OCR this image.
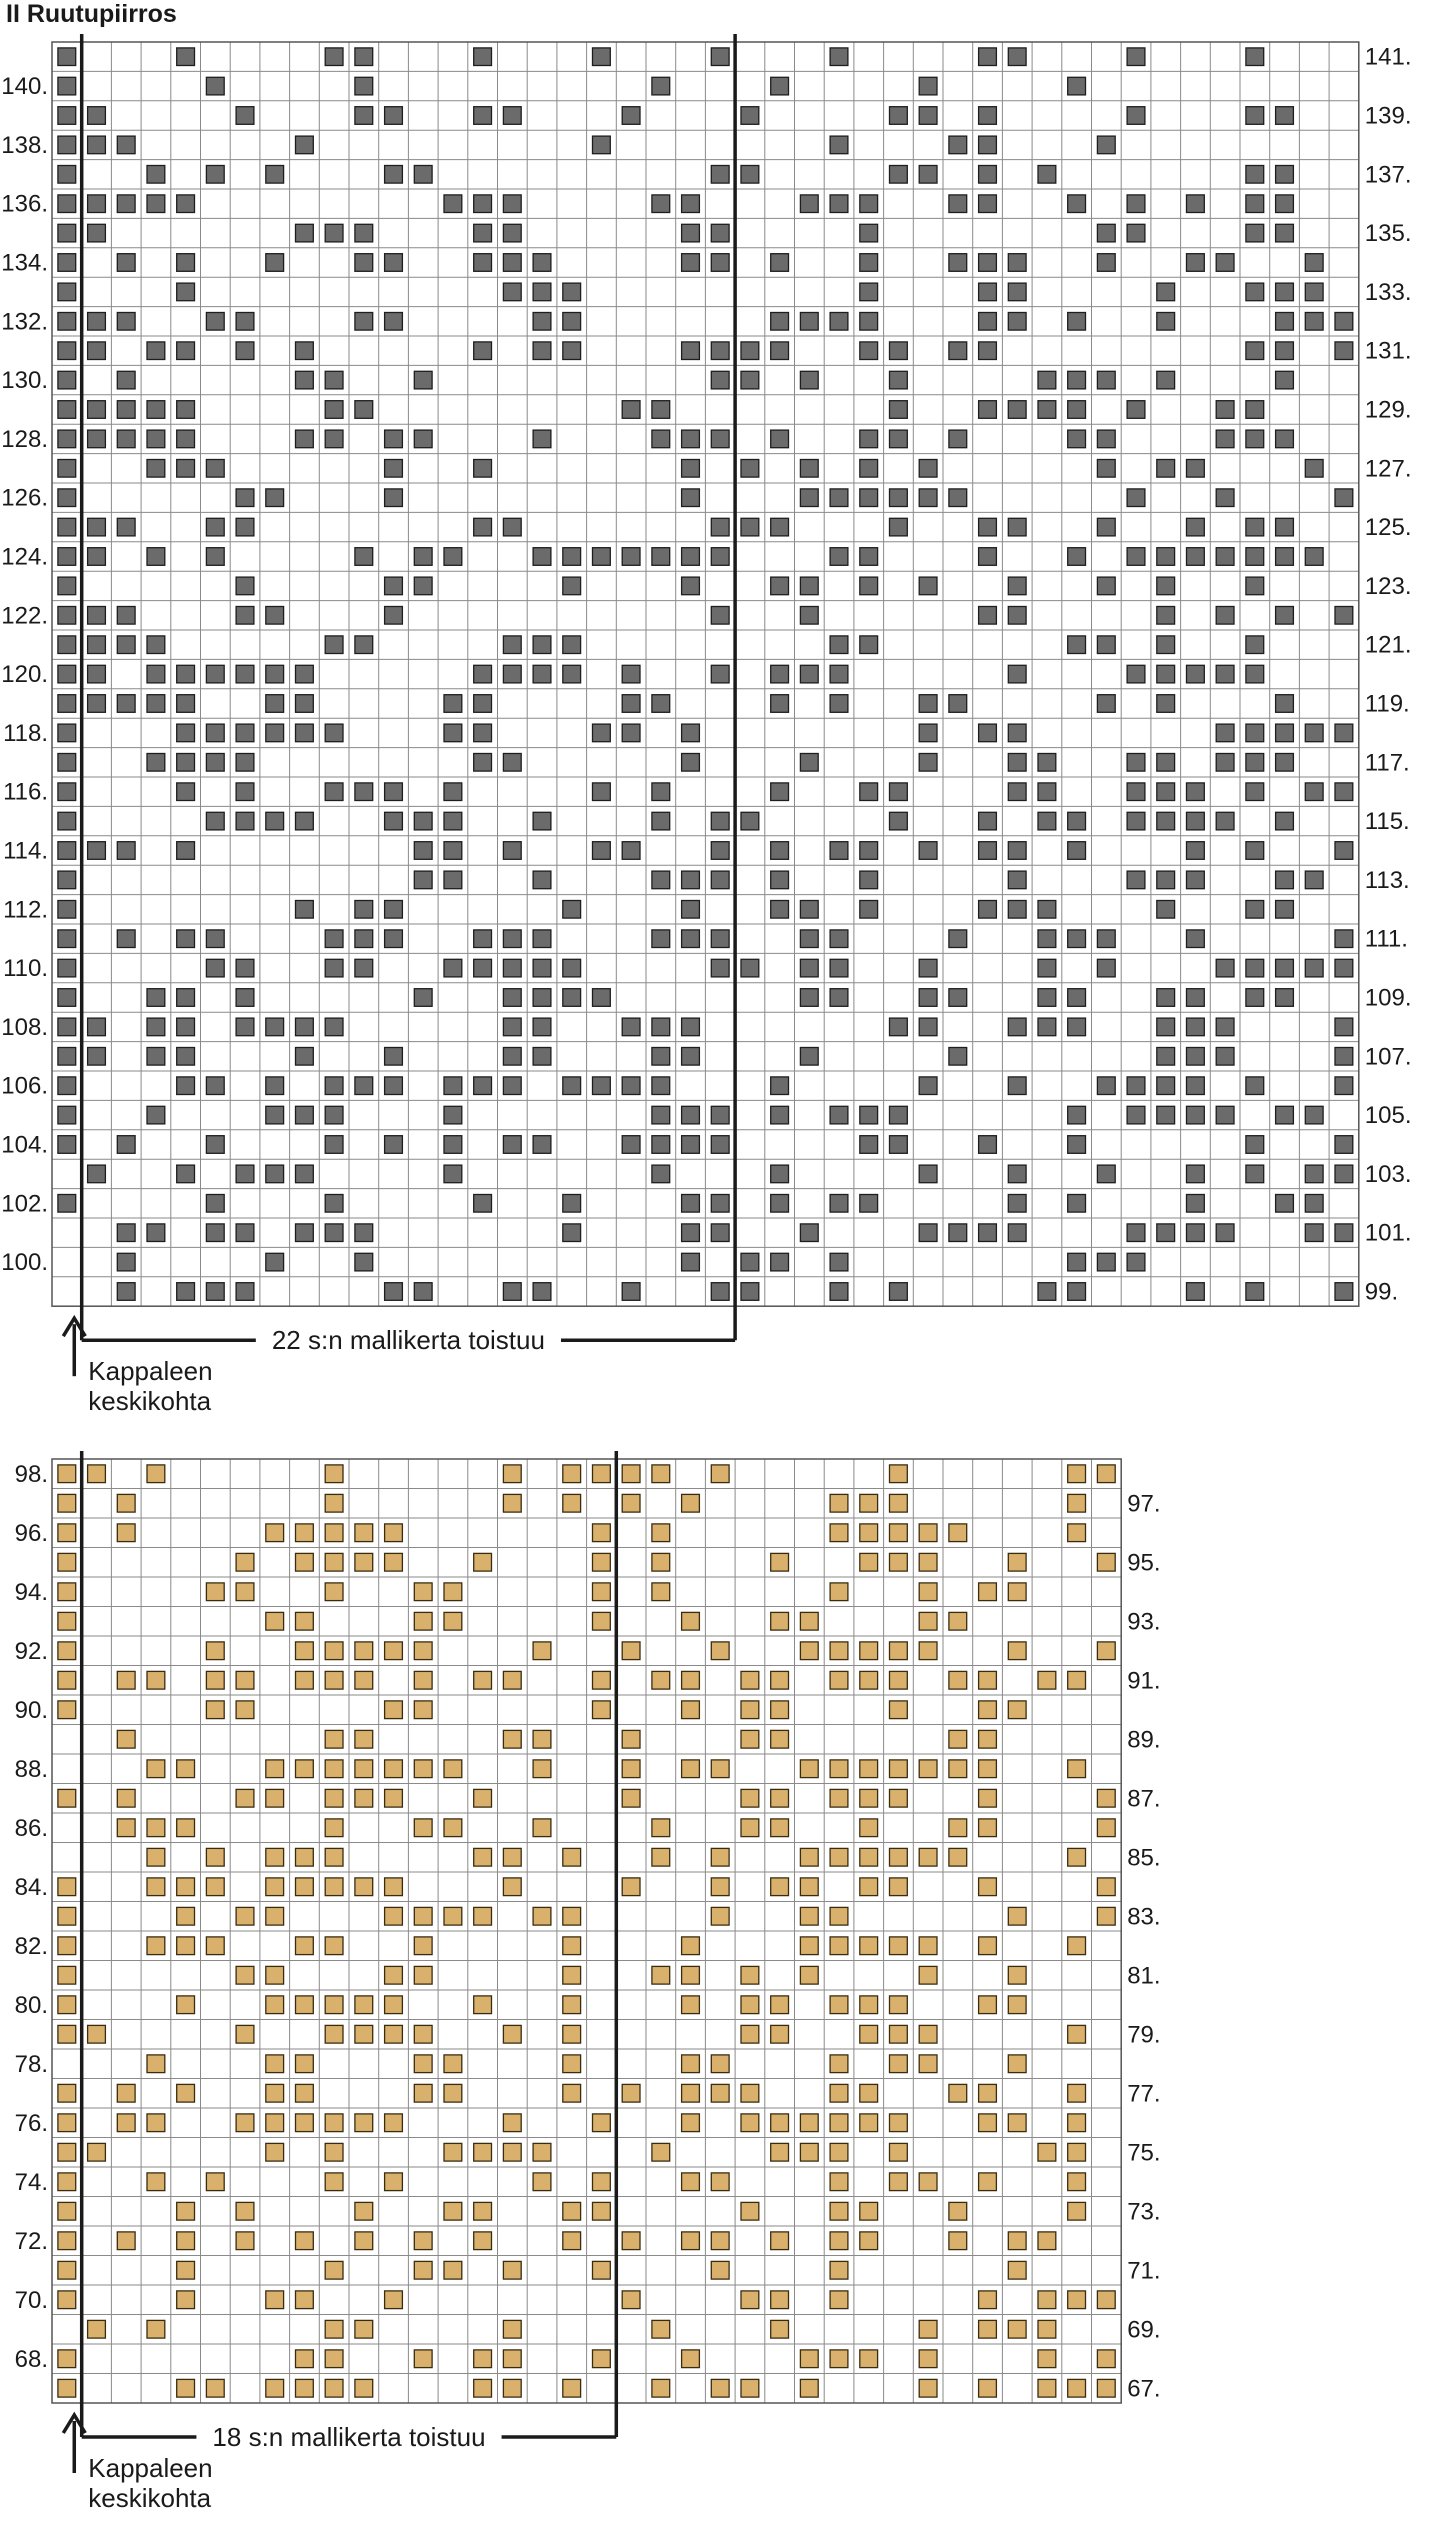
II Ruutupiirros
141.
140.
139.
138.
137.
136.
135.
134.
133.
132.
131.
130.
129.
128.
127.
126.
125.
124.
123.
122.
121.
120.
119.
118.
117.
116.
115.
114.
113.
112.
111.
110.
109.
108.
107.
106.
105.
104.
103.
102.
101.
100.
99.
22 s:n mallikerta toistuu
Kappaleen
keskikohta
98.
97.
96.
95.
94.
93.
92.
91.
90.
89.
88.
87.
86.
85.
84.
83.
82.
81.
80.
79.
78.
77.
76.
75.
74.
73.
72.
71.
70.
69.
68.
67.
18 s:n mallikerta toistuu
Kappaleen
keskikohta
